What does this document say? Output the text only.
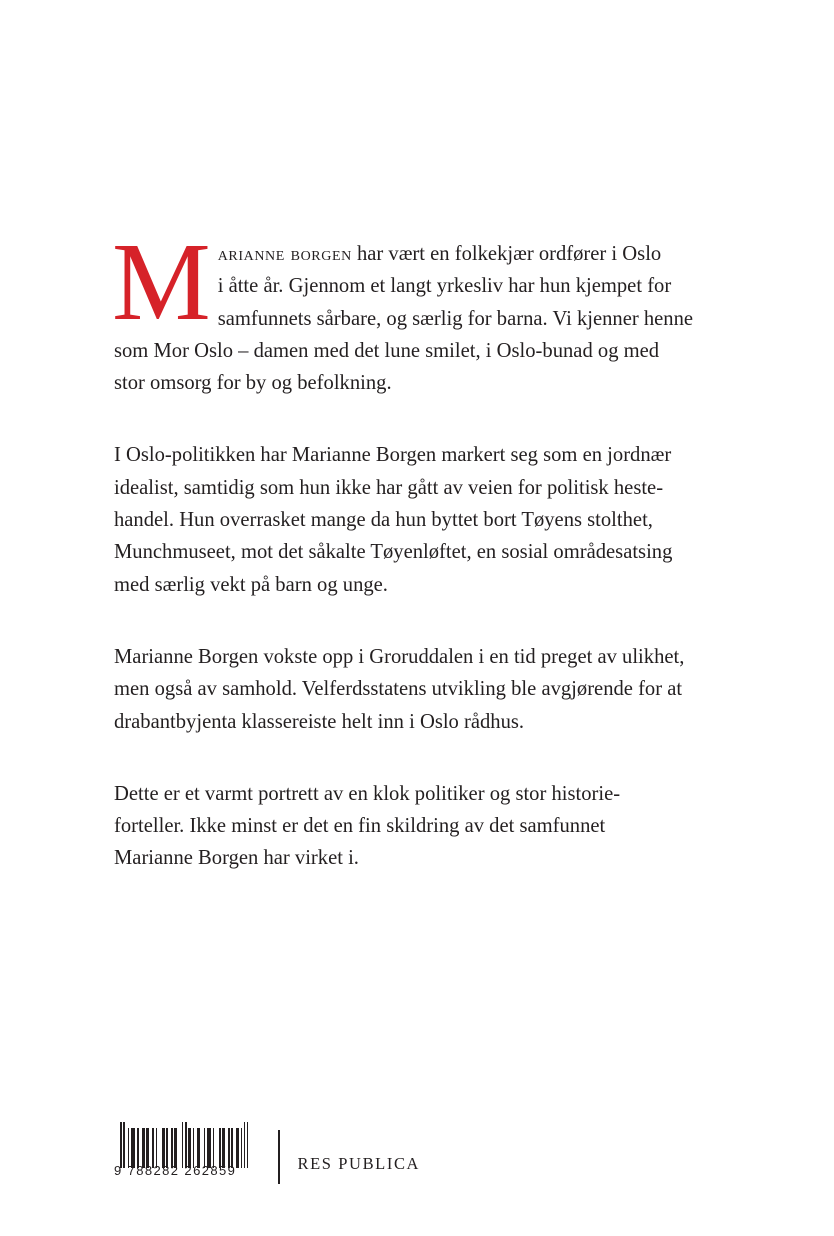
Marianne borgen har vært en folkekjær ordfører i Oslo
i åtte år. Gjennom et langt yrkesliv har hun kjempet for
samfunnets sårbare, og særlig for barna. Vi kjenner henne
som Mor Oslo – damen med det lune smilet, i Oslo-bunad og med
stor omsorg for by og befolkning.

I Oslo-politikken har Marianne Borgen markert seg som en jordnær
idealist, samtidig som hun ikke har gått av veien for politisk heste-
handel. Hun overrasket mange da hun byttet bort Tøyens stolthet,
Munchmuseet, mot det såkalte Tøyenløftet, en sosial områdesatsing
med særlig vekt på barn og unge.

Marianne Borgen vokste opp i Groruddalen i en tid preget av ulikhet,
men også av samhold. Velferdsstatens utvikling ble avgjørende for at
drabantbyjenta klassereiste helt inn i Oslo rådhus.

Dette er et varmt portrett av en klok politiker og stor historie-
forteller. Ikke minst er det en fin skildring av det samfunnet
Marianne Borgen har virket i.

9 788282 262859	RES PUBLICA
